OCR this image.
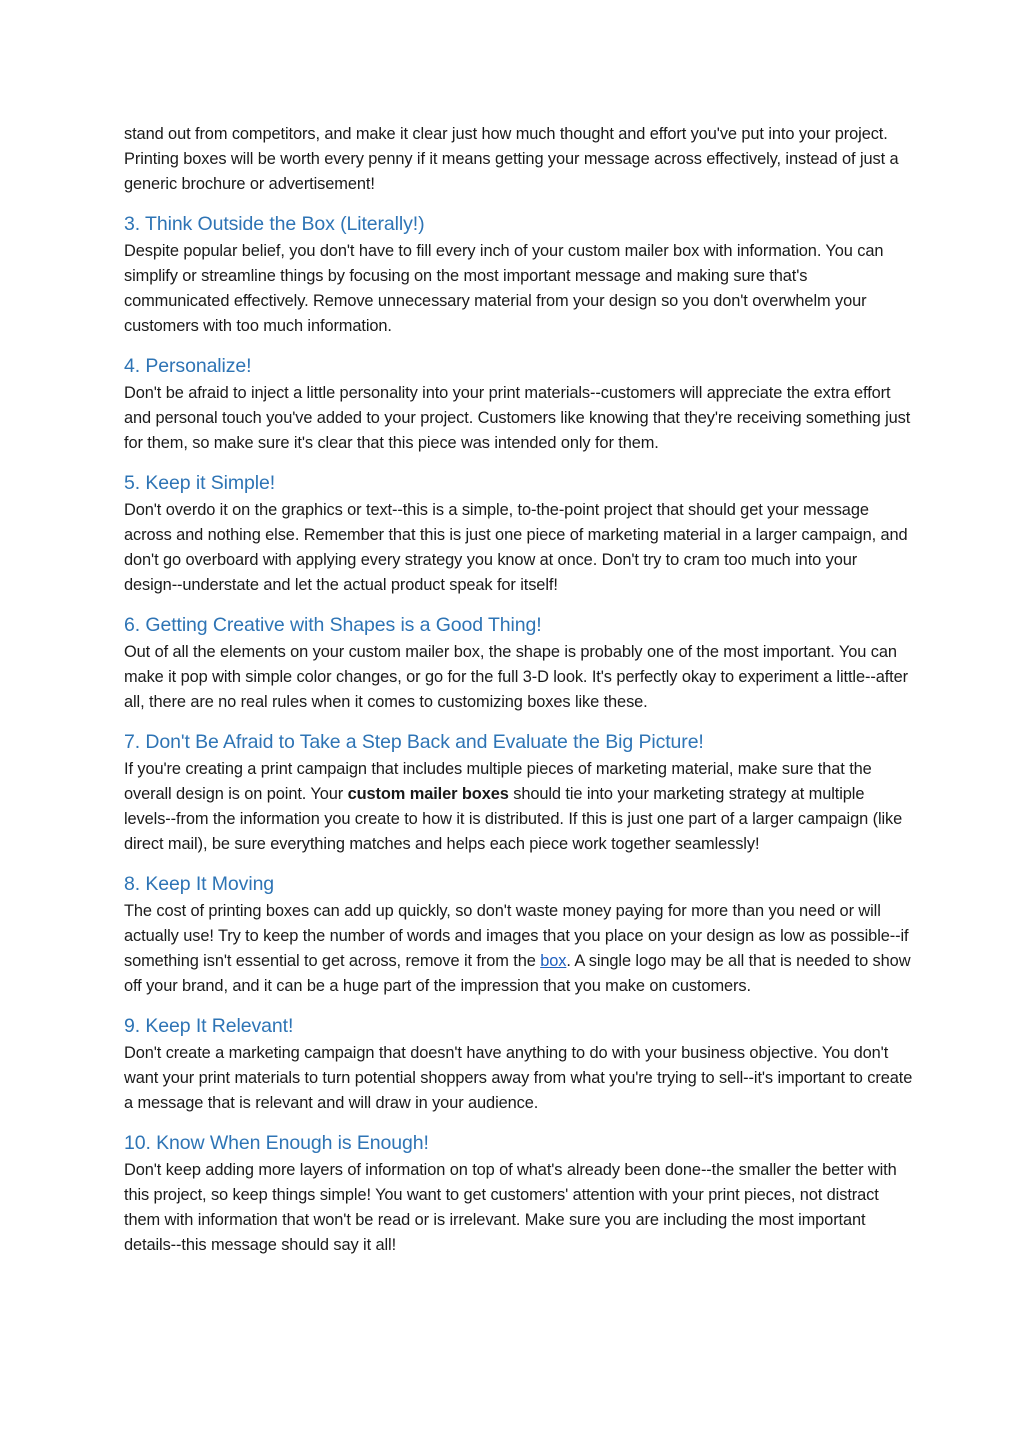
stand out from competitors, and make it clear just how much thought and effort you've put into your project. Printing boxes will be worth every penny if it means getting your message across effectively, instead of just a generic brochure or advertisement!

3. Think Outside the Box (Literally!)

Despite popular belief, you don't have to fill every inch of your custom mailer box with information. You can simplify or streamline things by focusing on the most important message and making sure that's communicated effectively. Remove unnecessary material from your design so you don't overwhelm your customers with too much information.

4. Personalize!

Don't be afraid to inject a little personality into your print materials--customers will appreciate the extra effort and personal touch you've added to your project. Customers like knowing that they're receiving something just for them, so make sure it's clear that this piece was intended only for them.

5. Keep it Simple!

Don't overdo it on the graphics or text--this is a simple, to-the-point project that should get your message across and nothing else. Remember that this is just one piece of marketing material in a larger campaign, and don't go overboard with applying every strategy you know at once. Don't try to cram too much into your design--understate and let the actual product speak for itself!

6. Getting Creative with Shapes is a Good Thing!

Out of all the elements on your custom mailer box, the shape is probably one of the most important. You can make it pop with simple color changes, or go for the full 3-D look. It's perfectly okay to experiment a little--after all, there are no real rules when it comes to customizing boxes like these.

7. Don't Be Afraid to Take a Step Back and Evaluate the Big Picture!

If you're creating a print campaign that includes multiple pieces of marketing material, make sure that the overall design is on point. Your custom mailer boxes should tie into your marketing strategy at multiple levels--from the information you create to how it is distributed. If this is just one part of a larger campaign (like direct mail), be sure everything matches and helps each piece work together seamlessly!

8. Keep It Moving

The cost of printing boxes can add up quickly, so don't waste money paying for more than you need or will actually use! Try to keep the number of words and images that you place on your design as low as possible--if something isn't essential to get across, remove it from the box. A single logo may be all that is needed to show off your brand, and it can be a huge part of the impression that you make on customers.

9. Keep It Relevant!

Don't create a marketing campaign that doesn't have anything to do with your business objective. You don't want your print materials to turn potential shoppers away from what you're trying to sell--it's important to create a message that is relevant and will draw in your audience.

10. Know When Enough is Enough!

Don't keep adding more layers of information on top of what's already been done--the smaller the better with this project, so keep things simple! You want to get customers' attention with your print pieces, not distract them with information that won't be read or is irrelevant. Make sure you are including the most important details--this message should say it all!
